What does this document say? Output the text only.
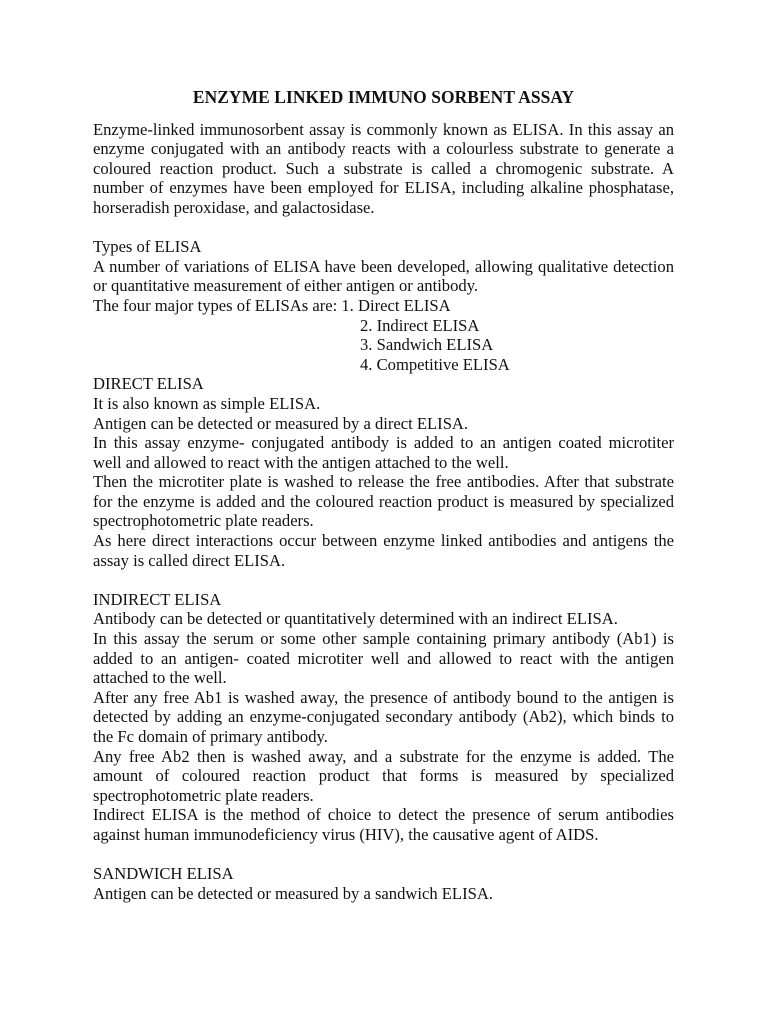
ENZYME LINKED IMMUNO SORBENT ASSAY

Enzyme-linked immunosorbent assay is commonly known as ELISA. In this assay an enzyme conjugated with an antibody reacts with a colourless substrate to generate a coloured reaction product. Such a substrate is called a chromogenic substrate. A number of enzymes have been employed for ELISA, including alkaline phosphatase, horseradish peroxidase, and galactosidase.

Types of ELISA

A number of variations of ELISA have been developed, allowing qualitative detection or quantitative measurement of either antigen or antibody.

The four major types of ELISAs are: 1. Direct ELISA
2. Indirect ELISA
3. Sandwich ELISA
4. Competitive ELISA

DIRECT ELISA

It is also known as simple ELISA.

Antigen can be detected or measured by a direct ELISA.

In this assay enzyme- conjugated antibody is added to an antigen coated microtiter well and allowed to react with the antigen attached to the well.

Then the microtiter plate is washed to release the free antibodies. After that substrate for the enzyme is added and the coloured reaction product is measured by specialized spectrophotometric plate readers.

As here direct interactions occur between enzyme linked antibodies and antigens the assay is called direct ELISA.

INDIRECT ELISA

Antibody can be detected or quantitatively determined with an indirect ELISA.

In this assay the serum or some other sample containing primary antibody (Ab1) is added to an antigen- coated microtiter well and allowed to react with the antigen attached to the well.

After any free Ab1 is washed away, the presence of antibody bound to the antigen is detected by adding an enzyme-conjugated secondary antibody (Ab2), which binds to the Fc domain of primary antibody.

Any free Ab2 then is washed away, and a substrate for the enzyme is added. The amount of coloured reaction product that forms is measured by specialized spectrophotometric plate readers.

Indirect ELISA is the method of choice to detect the presence of serum antibodies against human immunodeficiency virus (HIV), the causative agent of AIDS.

SANDWICH ELISA

Antigen can be detected or measured by a sandwich ELISA.
